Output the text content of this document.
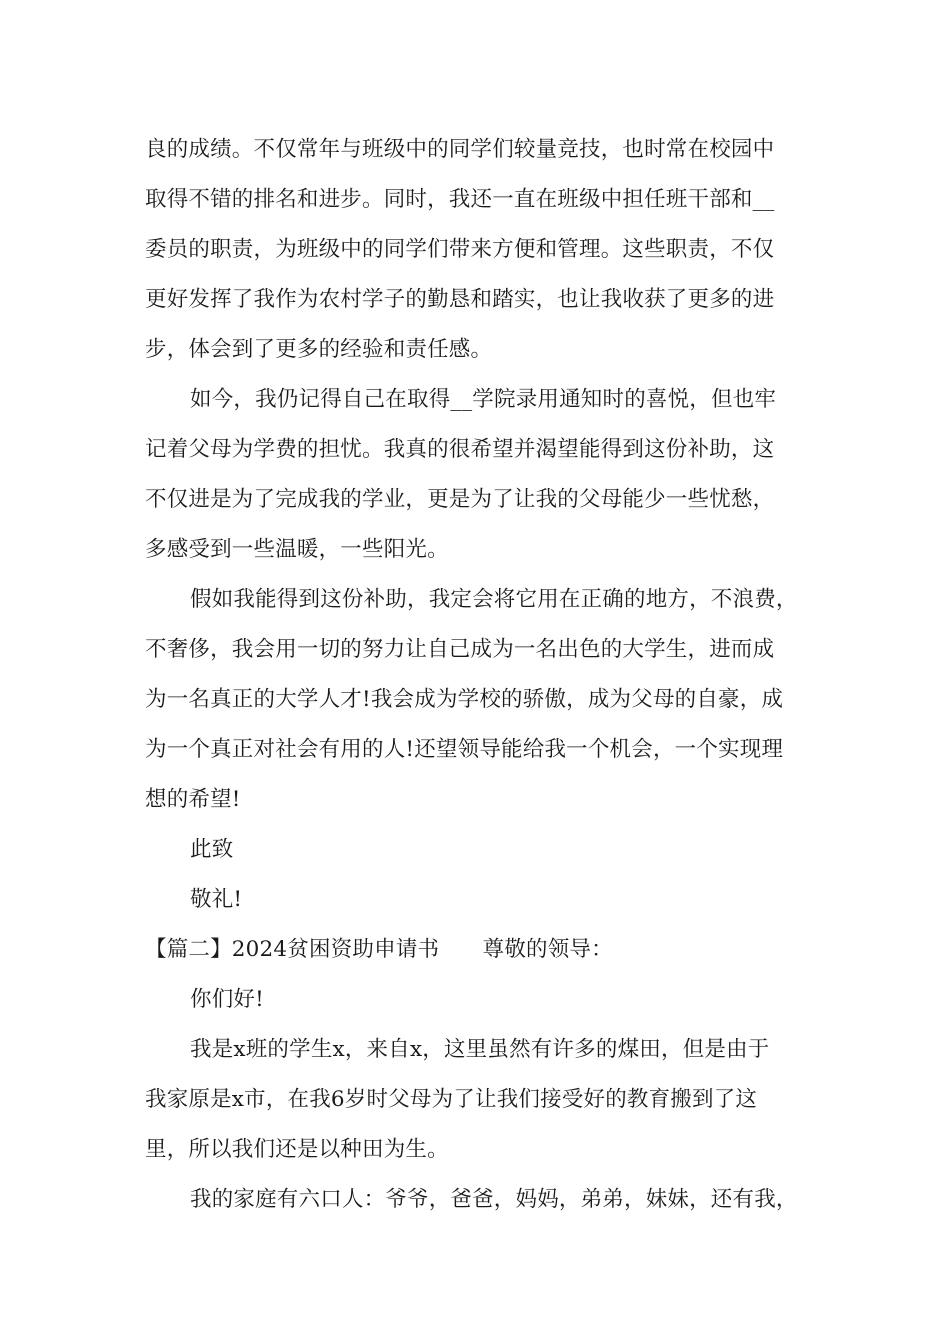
良的成绩。不仅常年与班级中的同学们较量竞技，也时常在校园中
取得不错的排名和进步。同时，我还一直在班级中担任班干部和__
委员的职责，为班级中的同学们带来方便和管理。这些职责，不仅
更好发挥了我作为农村学子的勤恳和踏实，也让我收获了更多的进
步，体会到了更多的经验和责任感。
如今，我仍记得自己在取得__学院录用通知时的喜悦，但也牢
记着父母为学费的担忧。我真的很希望并渴望能得到这份补助，这
不仅进是为了完成我的学业，更是为了让我的父母能少一些忧愁，
多感受到一些温暖，一些阳光。
假如我能得到这份补助，我定会将它用在正确的地方，不浪费，
不奢侈，我会用一切的努力让自己成为一名出色的大学生，进而成
为一名真正的大学人才!我会成为学校的骄傲，成为父母的自豪，成
为一个真正对社会有用的人!还望领导能给我一个机会，一个实现理
想的希望!
此致
敬礼!
【篇二】2024贫困资助申请书　　尊敬的领导：
你们好!
我是x班的学生x，来自x，这里虽然有许多的煤田，但是由于
我家原是x市，在我6岁时父母为了让我们接受好的教育搬到了这
里，所以我们还是以种田为生。
我的家庭有六口人：爷爷，爸爸，妈妈，弟弟，妹妹，还有我，
